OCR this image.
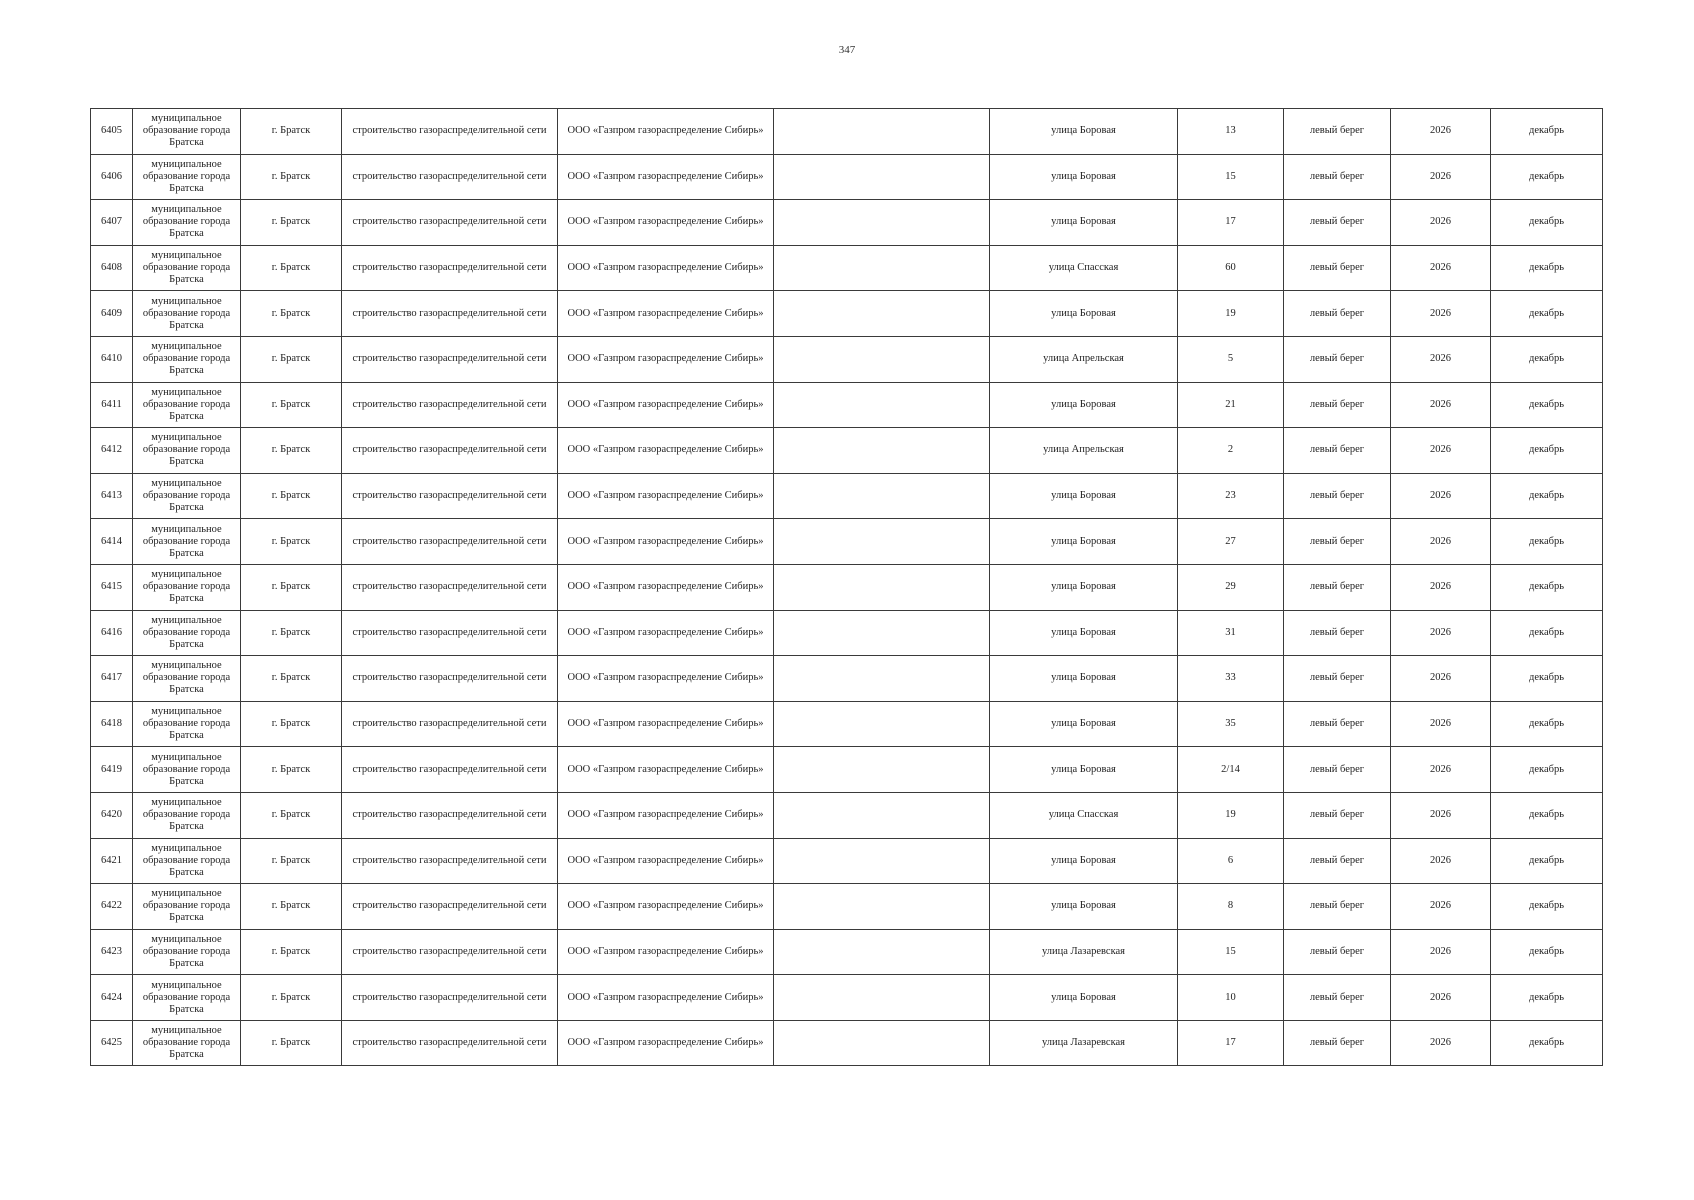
347
6405	муниципальное образование города Братска	г. Братск	строительство газораспределительной сети	ООО «Газпром газораспределение Сибирь»		улица Боровая	13	левый берег	2026	декабрь
6406	муниципальное образование города Братска	г. Братск	строительство газораспределительной сети	ООО «Газпром газораспределение Сибирь»		улица Боровая	15	левый берег	2026	декабрь
6407	муниципальное образование города Братска	г. Братск	строительство газораспределительной сети	ООО «Газпром газораспределение Сибирь»		улица Боровая	17	левый берег	2026	декабрь
6408	муниципальное образование города Братска	г. Братск	строительство газораспределительной сети	ООО «Газпром газораспределение Сибирь»		улица Спасская	60	левый берег	2026	декабрь
6409	муниципальное образование города Братска	г. Братск	строительство газораспределительной сети	ООО «Газпром газораспределение Сибирь»		улица Боровая	19	левый берег	2026	декабрь
6410	муниципальное образование города Братска	г. Братск	строительство газораспределительной сети	ООО «Газпром газораспределение Сибирь»		улица Апрельская	5	левый берег	2026	декабрь
6411	муниципальное образование города Братска	г. Братск	строительство газораспределительной сети	ООО «Газпром газораспределение Сибирь»		улица Боровая	21	левый берег	2026	декабрь
6412	муниципальное образование города Братска	г. Братск	строительство газораспределительной сети	ООО «Газпром газораспределение Сибирь»		улица Апрельская	2	левый берег	2026	декабрь
6413	муниципальное образование города Братска	г. Братск	строительство газораспределительной сети	ООО «Газпром газораспределение Сибирь»		улица Боровая	23	левый берег	2026	декабрь
6414	муниципальное образование города Братска	г. Братск	строительство газораспределительной сети	ООО «Газпром газораспределение Сибирь»		улица Боровая	27	левый берег	2026	декабрь
6415	муниципальное образование города Братска	г. Братск	строительство газораспределительной сети	ООО «Газпром газораспределение Сибирь»		улица Боровая	29	левый берег	2026	декабрь
6416	муниципальное образование города Братска	г. Братск	строительство газораспределительной сети	ООО «Газпром газораспределение Сибирь»		улица Боровая	31	левый берег	2026	декабрь
6417	муниципальное образование города Братска	г. Братск	строительство газораспределительной сети	ООО «Газпром газораспределение Сибирь»		улица Боровая	33	левый берег	2026	декабрь
6418	муниципальное образование города Братска	г. Братск	строительство газораспределительной сети	ООО «Газпром газораспределение Сибирь»		улица Боровая	35	левый берег	2026	декабрь
6419	муниципальное образование города Братска	г. Братск	строительство газораспределительной сети	ООО «Газпром газораспределение Сибирь»		улица Боровая	2/14	левый берег	2026	декабрь
6420	муниципальное образование города Братска	г. Братск	строительство газораспределительной сети	ООО «Газпром газораспределение Сибирь»		улица Спасская	19	левый берег	2026	декабрь
6421	муниципальное образование города Братска	г. Братск	строительство газораспределительной сети	ООО «Газпром газораспределение Сибирь»		улица Боровая	6	левый берег	2026	декабрь
6422	муниципальное образование города Братска	г. Братск	строительство газораспределительной сети	ООО «Газпром газораспределение Сибирь»		улица Боровая	8	левый берег	2026	декабрь
6423	муниципальное образование города Братска	г. Братск	строительство газораспределительной сети	ООО «Газпром газораспределение Сибирь»		улица Лазаревская	15	левый берег	2026	декабрь
6424	муниципальное образование города Братска	г. Братск	строительство газораспределительной сети	ООО «Газпром газораспределение Сибирь»		улица Боровая	10	левый берег	2026	декабрь
6425	муниципальное образование города Братска	г. Братск	строительство газораспределительной сети	ООО «Газпром газораспределение Сибирь»		улица Лазаревская	17	левый берег	2026	декабрь
